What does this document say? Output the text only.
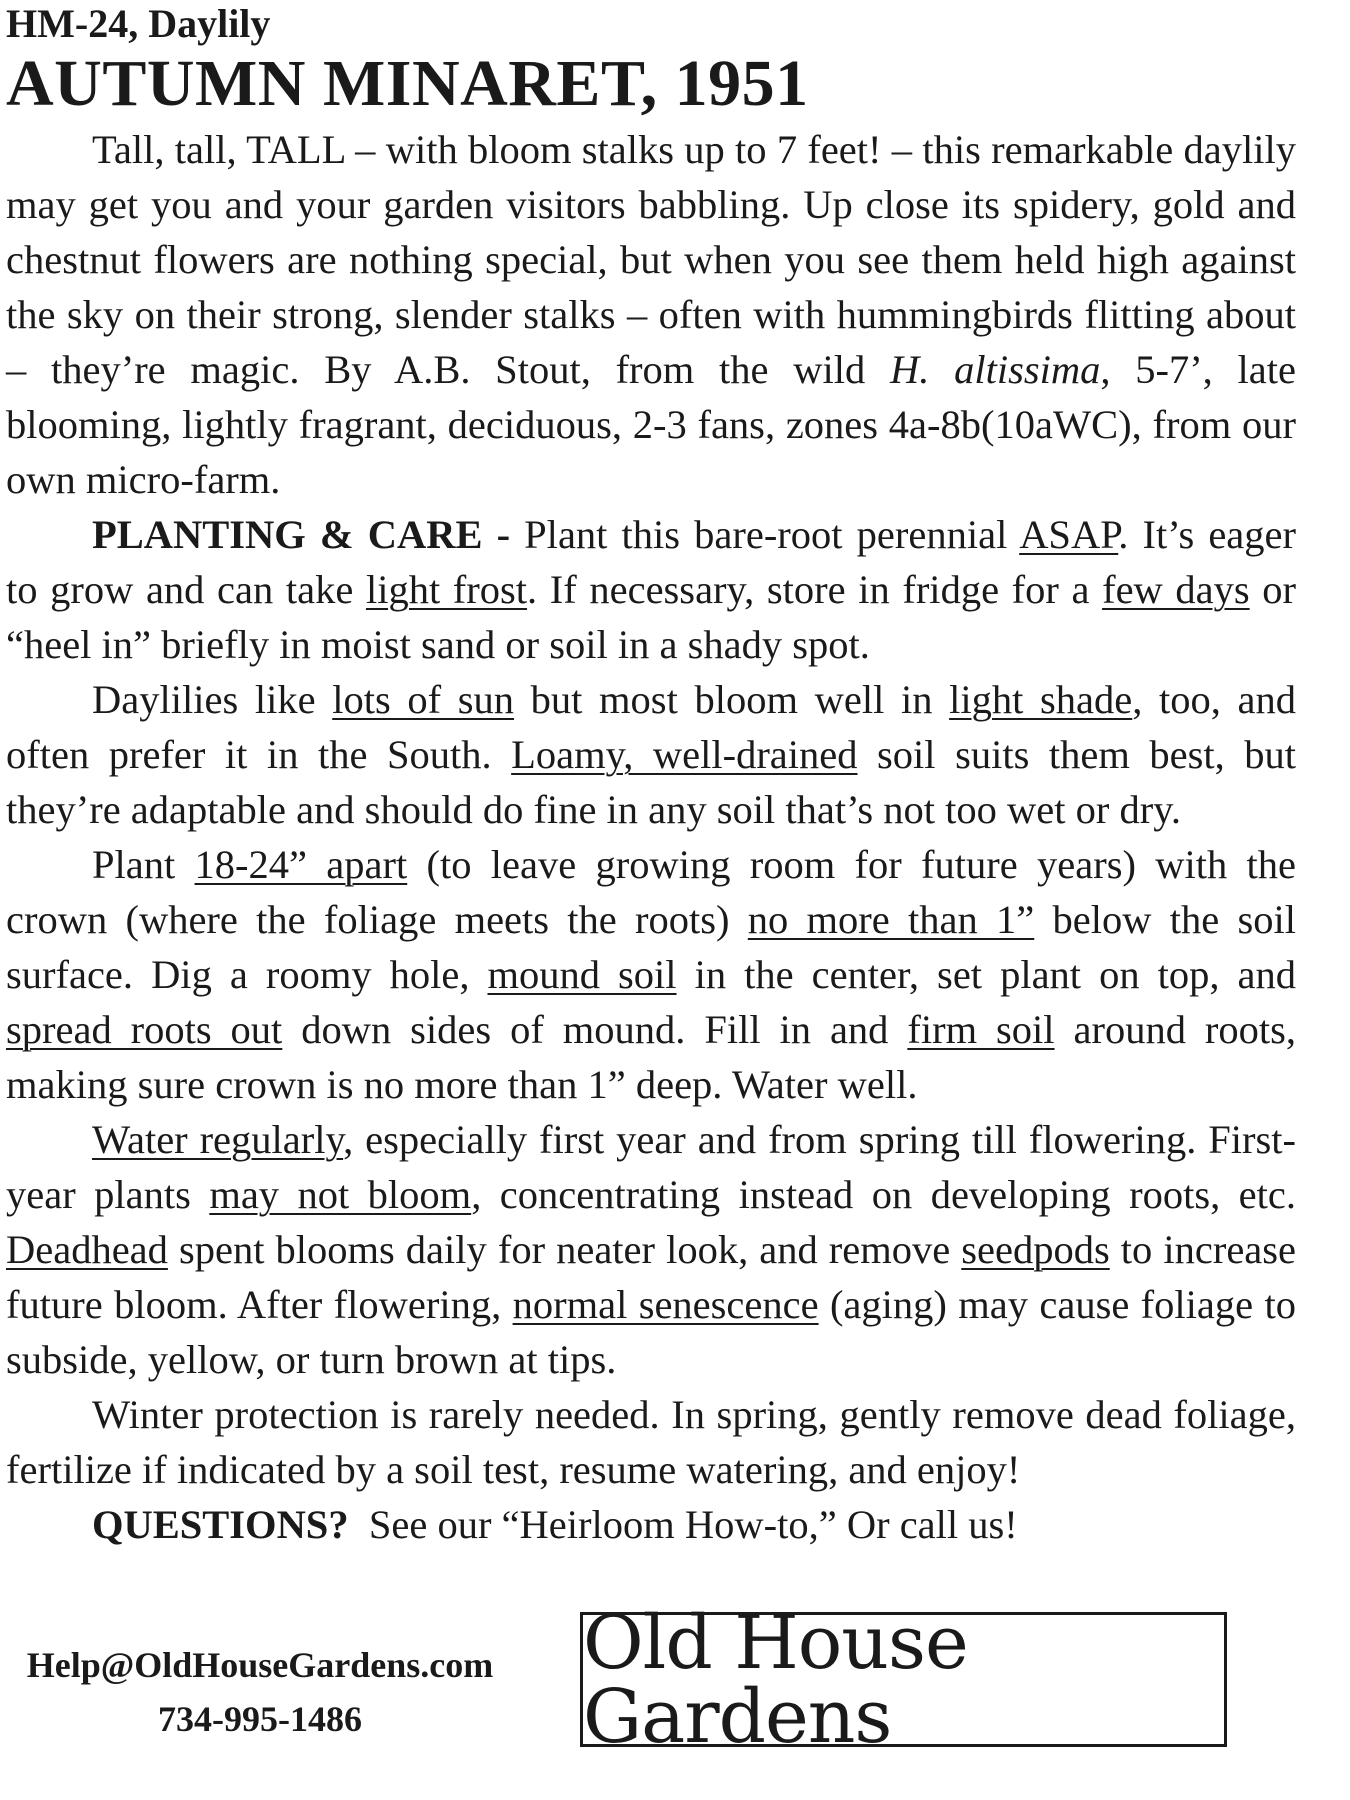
HM-24, Daylily

AUTUMN MINARET, 1951

Tall, tall, TALL – with bloom stalks up to 7 feet! – this remarkable daylily may get you and your garden visitors babbling. Up close its spidery, gold and chestnut flowers are nothing special, but when you see them held high against the sky on their strong, slender stalks – often with hummingbirds flitting about – they’re magic. By A.B. Stout, from the wild H. altissima, 5-7’, late blooming, lightly fragrant, deciduous, 2-3 fans, zones 4a-8b(10aWC), from our own micro-farm.

PLANTING & CARE - Plant this bare-root perennial ASAP. It’s eager to grow and can take light frost. If necessary, store in fridge for a few days or “heel in” briefly in moist sand or soil in a shady spot.

Daylilies like lots of sun but most bloom well in light shade, too, and often prefer it in the South. Loamy, well-drained soil suits them best, but they’re adaptable and should do fine in any soil that’s not too wet or dry.

Plant 18-24” apart (to leave growing room for future years) with the crown (where the foliage meets the roots) no more than 1” below the soil surface. Dig a roomy hole, mound soil in the center, set plant on top, and spread roots out down sides of mound. Fill in and firm soil around roots, making sure crown is no more than 1” deep. Water well.

Water regularly, especially first year and from spring till flowering. First-year plants may not bloom, concentrating instead on developing roots, etc. Deadhead spent blooms daily for neater look, and remove seedpods to increase future bloom. After flowering, normal senescence (aging) may cause foliage to subside, yellow, or turn brown at tips.

Winter protection is rarely needed. In spring, gently remove dead foliage, fertilize if indicated by a soil test, resume watering, and enjoy!

QUESTIONS?  See our “Heirloom How-to,” Or call us!

Help@OldHouseGardens.com
734-995-1486
Old House Gardens
